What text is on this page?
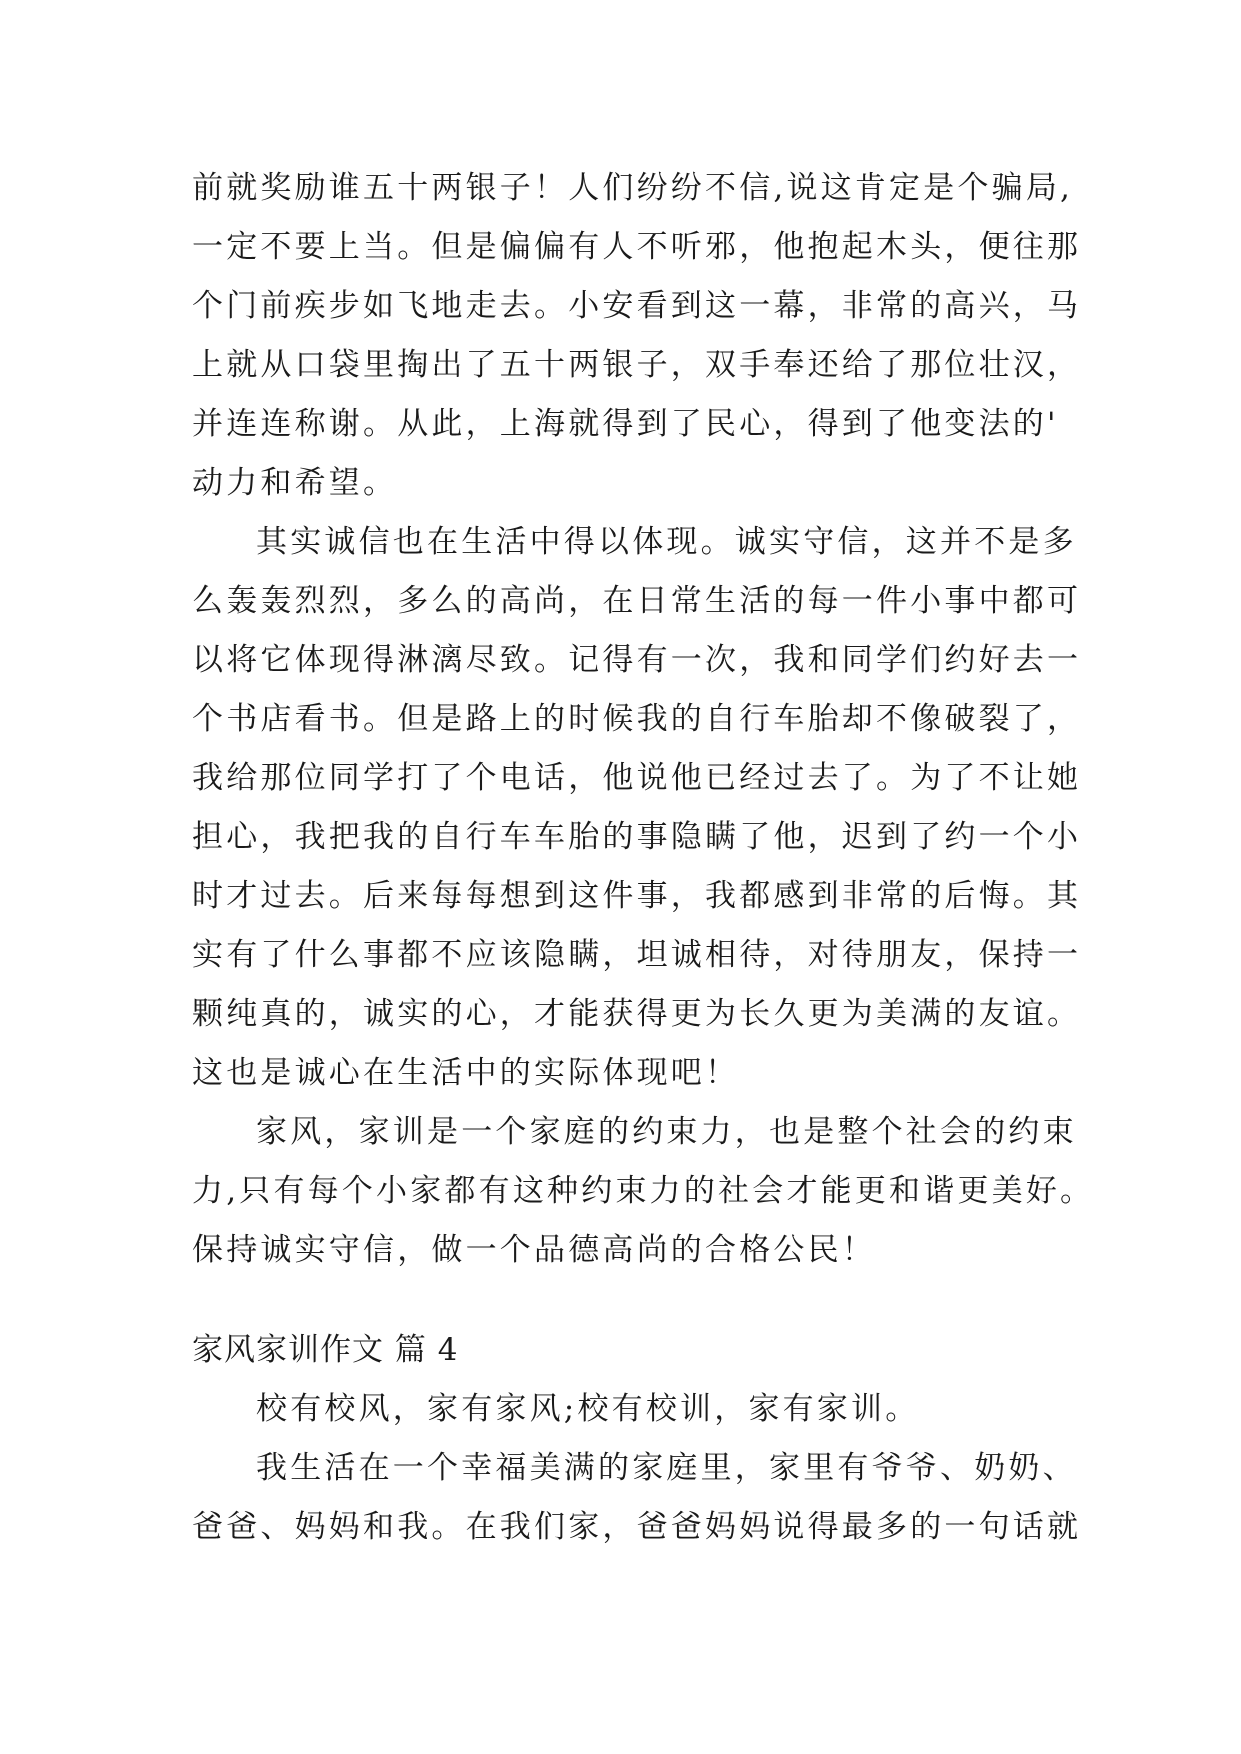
前就奖励谁五十两银子！人们纷纷不信,说这肯定是个骗局,
一定不要上当。但是偏偏有人不听邪，他抱起木头，便往那
个门前疾步如飞地走去。小安看到这一幕，非常的高兴，马
上就从口袋里掏出了五十两银子，双手奉还给了那位壮汉，
并连连称谢。从此，上海就得到了民心，得到了他变法的'
动力和希望。
其实诚信也在生活中得以体现。诚实守信，这并不是多
么轰轰烈烈，多么的高尚，在日常生活的每一件小事中都可
以将它体现得淋漓尽致。记得有一次，我和同学们约好去一
个书店看书。但是路上的时候我的自行车胎却不像破裂了，
我给那位同学打了个电话，他说他已经过去了。为了不让她
担心，我把我的自行车车胎的事隐瞒了他，迟到了约一个小
时才过去。后来每每想到这件事，我都感到非常的后悔。其
实有了什么事都不应该隐瞒，坦诚相待，对待朋友，保持一
颗纯真的，诚实的心，才能获得更为长久更为美满的友谊。
这也是诚心在生活中的实际体现吧！
家风，家训是一个家庭的约束力，也是整个社会的约束
力,只有每个小家都有这种约束力的社会才能更和谐更美好。
保持诚实守信，做一个品德高尚的合格公民！
家风家训作文 篇 4
校有校风，家有家风;校有校训，家有家训。
我生活在一个幸福美满的家庭里，家里有爷爷、奶奶、
爸爸、妈妈和我。在我们家，爸爸妈妈说得最多的一句话就
